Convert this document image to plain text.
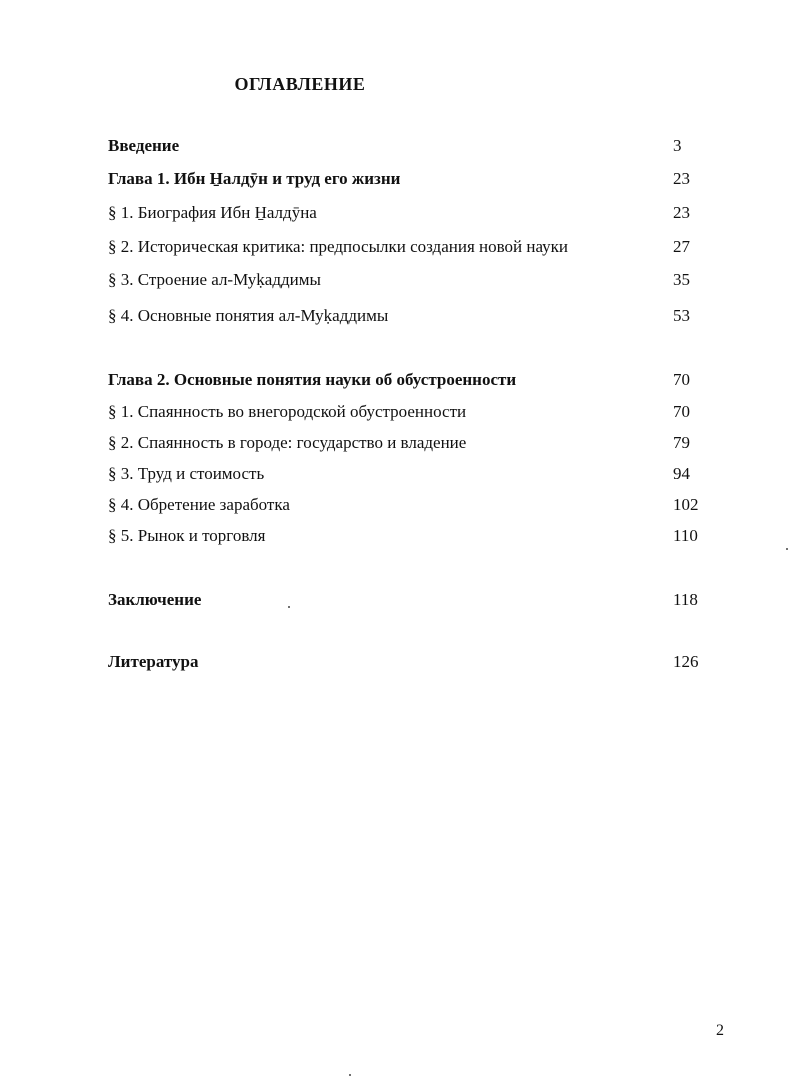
ОГЛАВЛЕНИЕ
Введение	3
Глава 1. Ибн H̱алдӯн и труд его жизни	23
§ 1. Биография Ибн H̱алдӯна	23
§ 2. Историческая критика: предпосылки создания новой науки	27
§ 3. Строение ал-Муḳаддимы	35
§ 4. Основные понятия ал-Муḳаддимы	53
Глава 2. Основные понятия науки об обустроенности	70
§ 1. Спаянность во внегородской обустроенности	70
§ 2. Спаянность в городе: государство и владение	79
§ 3. Труд и стоимость	94
§ 4. Обретение заработка	102
§ 5. Рынок и торговля	110
Заключение	118
Литература	126
2
